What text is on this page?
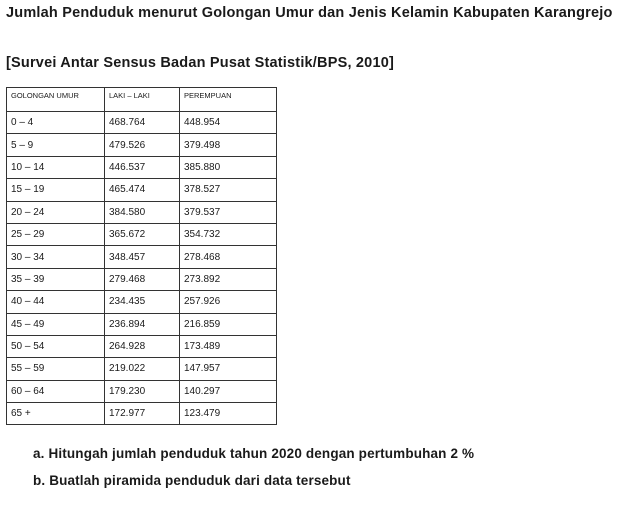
Jumlah Penduduk menurut Golongan Umur dan Jenis Kelamin Kabupaten Karangrejo
[Survei Antar Sensus Badan Pusat Statistik/BPS, 2010]
GOLONGAN UMUR	LAKI – LAKI	PEREMPUAN
0 – 4	468.764	448.954
5 – 9	479.526	379.498
10 – 14	446.537	385.880
15 – 19	465.474	378.527
20 – 24	384.580	379.537
25 – 29	365.672	354.732
30 – 34	348.457	278.468
35 – 39	279.468	273.892
40 – 44	234.435	257.926
45 – 49	236.894	216.859
50 – 54	264.928	173.489
55 – 59	219.022	147.957
60 – 64	179.230	140.297
65 +	172.977	123.479
a. Hitungah jumlah penduduk tahun 2020 dengan pertumbuhan 2 %
b. Buatlah piramida penduduk dari data tersebut
